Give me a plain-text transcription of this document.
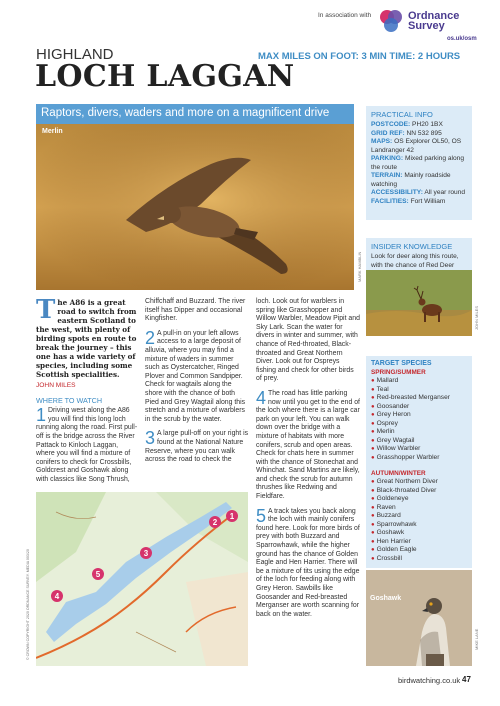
In association with	Ordnance
Survey
os.uk/osm
HIGHLAND	MAX MILES ON FOOT: 3 MIN TIME: 2 HOURS
LOCH LAGGAN
Raptors, divers, waders and more on a magnificent drive
Merlin
MARK HAMBLIN
PRACTICAL INFO

POSTCODE: PH20 1BX
GRID REF: NN 532 895
MAPS: OS Explorer OL50, OS Landranger 42
PARKING: Mixed parking along the route
TERRAIN: Mainly roadside watching
ACCESSIBILITY: All year round
FACILITIES: Fort William

INSIDER KNOWLEDGE

Look for deer along this route, with the chance of Red Deer

JOHN MILES
TARGET SPECIES
SPRING/SUMMER
● Mallard
● Teal
● Red-breasted Merganser
● Goosander
● Grey Heron
● Osprey
● Merlin
● Grey Wagtail
● Willow Warbler
● Grasshopper Warbler
AUTUMN/WINTER
● Great Northern Diver
● Black-throated Diver
● Goldeneye
● Raven
● Buzzard
● Sparrowhawk
● Goshawk
● Hen Harrier
● Golden Eagle
● Crossbill
Goshawk
MIKE LANE
The A86 is a great road to switch from eastern Scotland to the west, with plenty of birding spots en route to break the journey – this one has a wide variety of species, including some Scottish specialities.
JOHN MILES
WHERE TO WATCH
1 Driving west along the A86 you will find this long loch running along the road. First pull-off is the bridge across the River Pattack to Kinloch Laggan, where you will find a mixture of conifers to check for Crossbills, Goldcrest and Goshawk along with classics like Song Thrush,
Chiffchaff and Buzzard. The river itself has Dipper and occasional Kingfisher.
2 A pull-in on your left allows access to a large deposit of alluvia, where you may find a mixture of waders in summer such as Oystercatcher, Ringed Plover and Common Sandpiper. Check for wagtails along the shore with the chance of both Pied and Grey Wagtail along this stretch and a mixture of warblers in the scrub by the water.
3 A large pull-off on your right is found at the National Nature Reserve, where you can walk across the road to check the
loch. Look out for warblers in spring like Grasshopper and Willow Warbler, Meadow Pipit and Sky Lark. Scan the water for divers in winter and summer, with chance of Red-throated, Black-throated and Great Northern Diver. Look out for Ospreys fishing and check for other birds of prey.
4 The road has little parking now until you get to the end of the loch where there is a large car park on your left. You can walk down over the bridge with a mixture of habitats with more conifers, scrub and open areas. Check for chats here in summer with the chance of Stonechat and Whinchat. Sand Martins are likely, and check the scrub for autumn thrushes like Redwing and Fieldfare.
5 A track takes you back along the loch with mainly conifers found here. Look for more birds of prey with both Buzzard and Sparrowhawk, while the higher ground has the chance of Golden Eagle and Hen Harrier. There will be a mixture of tits using the edge of the loch for feeding along with Grey Heron. Sawbills like Goosander and Red-breasted Merganser are worth scanning for back on the water.
1
2
3
4
5
© CROWN COPYRIGHT 2020 ORDNANCE SURVEY. MEDIA 003/20
birdwatching.co.uk 47
